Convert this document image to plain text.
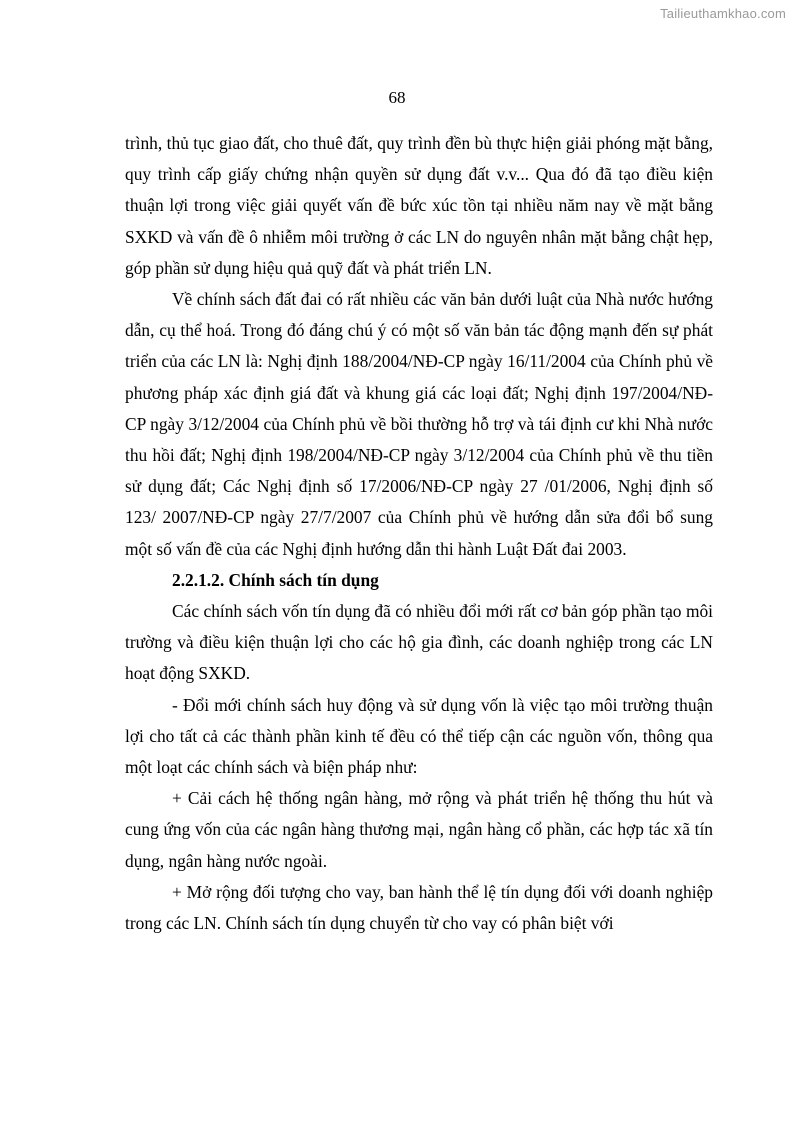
Tailieuthamkhao.com
68

trình, thủ tục giao đất, cho thuê đất, quy trình đền bù thực hiện giải phóng mặt bằng, quy trình cấp giấy chứng nhận quyền sử dụng đất v.v... Qua đó đã tạo điều kiện thuận lợi trong việc giải quyết vấn đề bức xúc tồn tại nhiều năm nay về mặt bằng SXKD và vấn đề ô nhiễm môi trường ở các LN do nguyên nhân mặt bằng chật hẹp, góp phần sử dụng hiệu quả quỹ đất và phát triển LN.

Về chính sách đất đai có rất nhiều các văn bản dưới luật của Nhà nước hướng dẫn, cụ thể hoá. Trong đó đáng chú ý có một số văn bản tác động mạnh đến sự phát triển của các LN là: Nghị định 188/2004/NĐ-CP ngày 16/11/2004 của Chính phủ về phương pháp xác định giá đất và khung giá các loại đất; Nghị định 197/2004/NĐ-CP ngày 3/12/2004 của Chính phủ về bồi thường hỗ trợ và tái định cư khi Nhà nước thu hồi đất; Nghị định 198/2004/NĐ-CP ngày 3/12/2004 của Chính phủ về thu tiền sử dụng đất; Các Nghị định số 17/2006/NĐ-CP ngày 27 /01/2006, Nghị định số 123/ 2007/NĐ-CP ngày 27/7/2007 của Chính phủ về hướng dẫn sửa đổi bổ sung một số vấn đề của các Nghị định hướng dẫn thi hành Luật Đất đai 2003.

2.2.1.2. Chính sách tín dụng

Các chính sách vốn tín dụng đã có nhiều đổi mới rất cơ bản góp phần tạo môi trường và điều kiện thuận lợi cho các hộ gia đình, các doanh nghiệp trong các LN hoạt động SXKD.

- Đổi mới chính sách huy động và sử dụng vốn là việc tạo môi trường thuận lợi cho tất cả các thành phần kinh tế đều có thể tiếp cận các nguồn vốn, thông qua một loạt các chính sách và biện pháp như:

+ Cải cách hệ thống ngân hàng, mở rộng và phát triển hệ thống thu hút và cung ứng vốn của các ngân hàng thương mại, ngân hàng cổ phần, các hợp tác xã tín dụng, ngân hàng nước ngoài.

+ Mở rộng đối tượng cho vay, ban hành thể lệ tín dụng đối với doanh nghiệp trong các LN. Chính sách tín dụng chuyển từ cho vay có phân biệt với
